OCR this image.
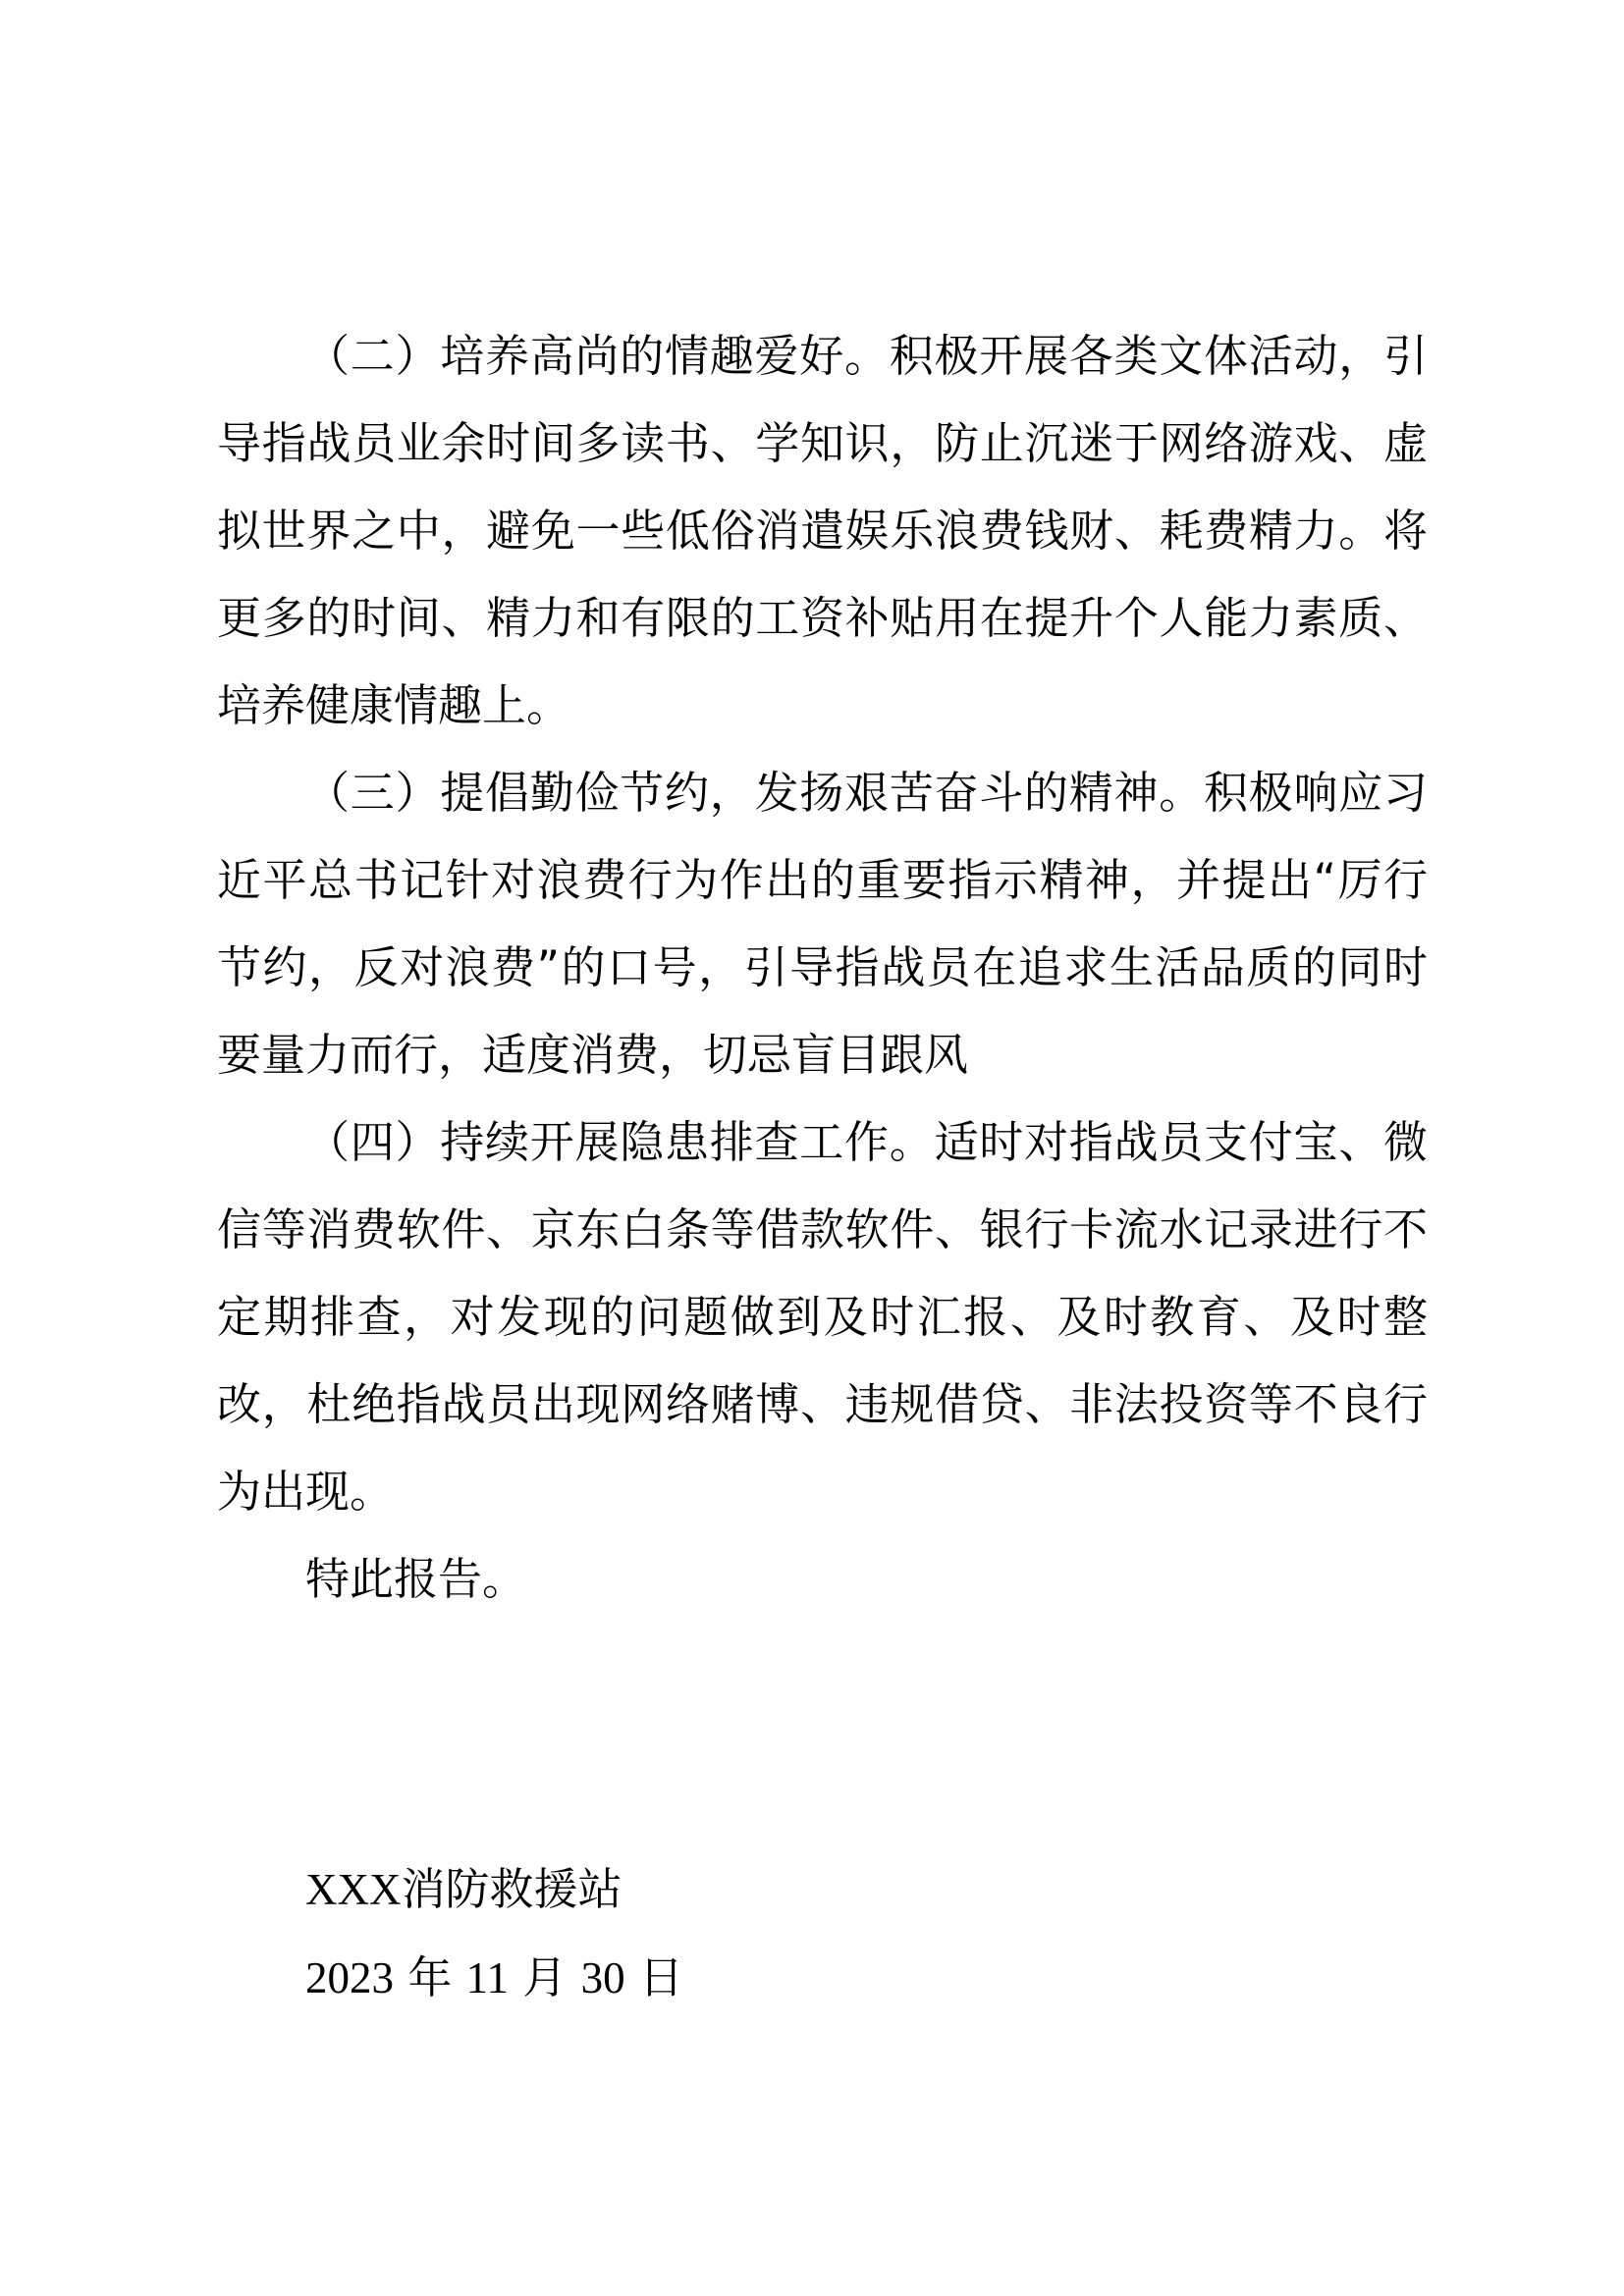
（二）培养高尚的情趣爱好。积极开展各类文体活动，引导指战员业余时间多读书、学知识，防止沉迷于网络游戏、虚拟世界之中，避免一些低俗消遣娱乐浪费钱财、耗费精力。将更多的时间、精力和有限的工资补贴用在提升个人能力素质、培养健康情趣上。

（三）提倡勤俭节约，发扬艰苦奋斗的精神。积极响应习近平总书记针对浪费行为作出的重要指示精神，并提出“厉行节约，反对浪费”的口号，引导指战员在追求生活品质的同时要量力而行，适度消费，切忌盲目跟风

（四）持续开展隐患排查工作。适时对指战员支付宝、微信等消费软件、京东白条等借款软件、银行卡流水记录进行不定期排查，对发现的问题做到及时汇报、及时教育、及时整改，杜绝指战员出现网络赌博、违规借贷、非法投资等不良行为出现。

特此报告。

XXX消防救援站
2023 年 11 月 30 日
